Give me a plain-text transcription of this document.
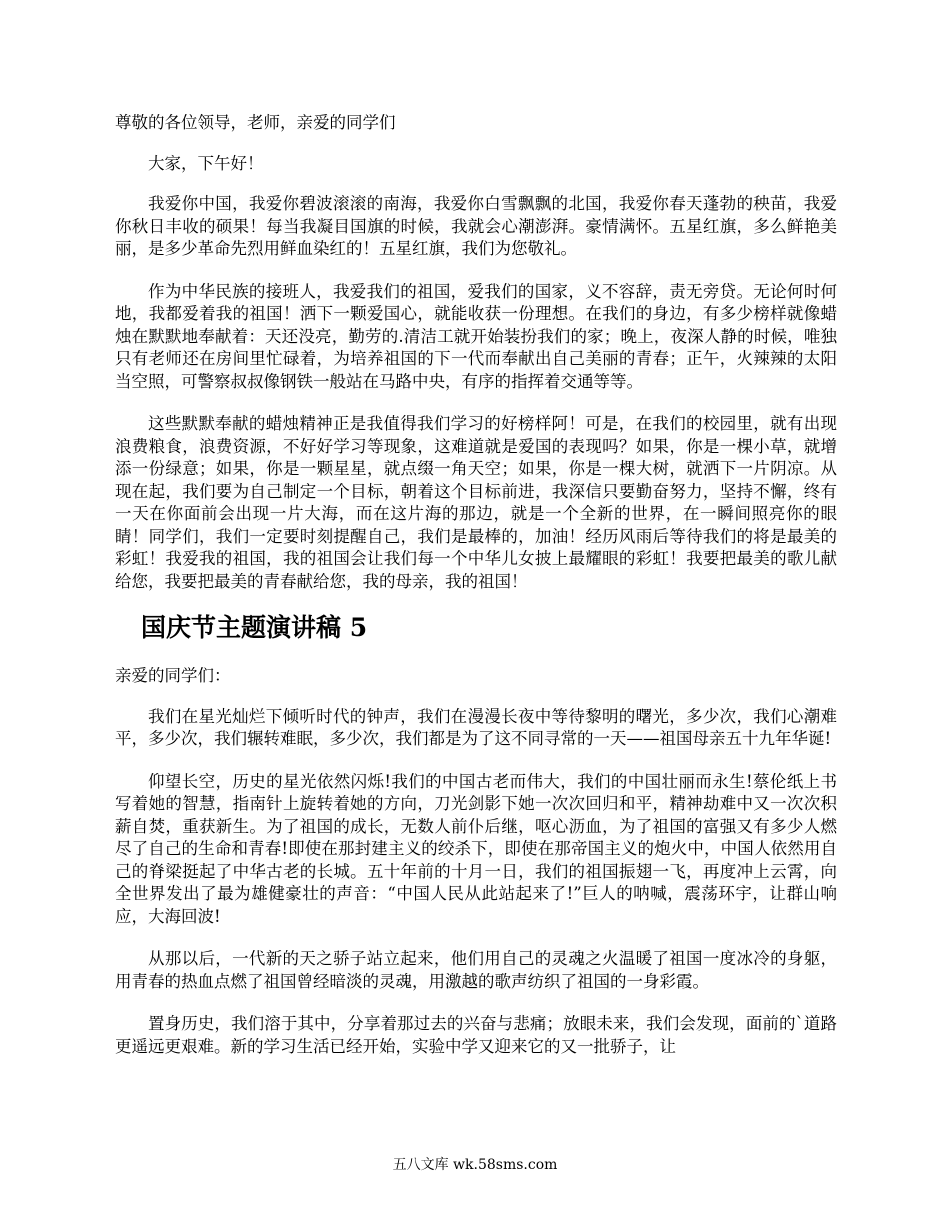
尊敬的各位领导，老师，亲爱的同学们

大家，下午好！

我爱你中国，我爱你碧波滚滚的南海，我爱你白雪飘飘的北国，我爱你春天蓬勃的秧苗，我爱你秋日丰收的硕果！每当我凝目国旗的时候，我就会心潮澎湃。豪情满怀。五星红旗，多么鲜艳美丽，是多少革命先烈用鲜血染红的！五星红旗，我们为您敬礼。

作为中华民族的接班人，我爱我们的祖国，爱我们的国家，义不容辞，责无旁贷。无论何时何地，我都爱着我的祖国！洒下一颗爱国心，就能收获一份理想。在我们的身边，有多少榜样就像蜡烛在默默地奉献着：天还没亮，勤劳的.清洁工就开始装扮我们的家；晚上，夜深人静的时候，唯独只有老师还在房间里忙碌着，为培养祖国的下一代而奉献出自己美丽的青春；正午，火辣辣的太阳当空照，可警察叔叔像钢铁一般站在马路中央，有序的指挥着交通等等。

这些默默奉献的蜡烛精神正是我值得我们学习的好榜样阿！可是，在我们的校园里，就有出现浪费粮食，浪费资源，不好好学习等现象，这难道就是爱国的表现吗？如果，你是一棵小草，就增添一份绿意；如果，你是一颗星星，就点缀一角天空；如果，你是一棵大树，就洒下一片阴凉。从现在起，我们要为自己制定一个目标，朝着这个目标前进，我深信只要勤奋努力，坚持不懈，终有一天在你面前会出现一片大海，而在这片海的那边，就是一个全新的世界，在一瞬间照亮你的眼睛！同学们，我们一定要时刻提醒自己，我们是最棒的，加油！经历风雨后等待我们的将是最美的彩虹！我爱我的祖国，我的祖国会让我们每一个中华儿女披上最耀眼的彩虹！我要把最美的歌儿献给您，我要把最美的青春献给您，我的母亲，我的祖国！

国庆节主题演讲稿 5

亲爱的同学们：

我们在星光灿烂下倾听时代的钟声，我们在漫漫长夜中等待黎明的曙光，多少次，我们心潮难平，多少次，我们辗转难眠，多少次，我们都是为了这不同寻常的一天——祖国母亲五十九年华诞!

仰望长空，历史的星光依然闪烁!我们的中国古老而伟大，我们的中国壮丽而永生!蔡伦纸上书写着她的智慧，指南针上旋转着她的方向，刀光剑影下她一次次回归和平，精神劫难中又一次次积薪自焚，重获新生。为了祖国的成长，无数人前仆后继，呕心沥血，为了祖国的富强又有多少人燃尽了自己的生命和青春!即使在那封建主义的绞杀下，即使在那帝国主义的炮火中，中国人依然用自己的脊梁挺起了中华古老的长城。五十年前的十月一日，我们的祖国振翅一飞，再度冲上云霄，向全世界发出了最为雄健豪壮的声音：“中国人民从此站起来了!”巨人的呐喊，震荡环宇，让群山响应，大海回波!

从那以后，一代新的天之骄子站立起来，他们用自己的灵魂之火温暖了祖国一度冰冷的身躯，用青春的热血点燃了祖国曾经暗淡的灵魂，用激越的歌声纺织了祖国的一身彩霞。

置身历史，我们溶于其中，分享着那过去的兴奋与悲痛；放眼未来，我们会发现，面前的`道路更遥远更艰难。新的学习生活已经开始，实验中学又迎来它的又一批骄子，让

五八文库 wk.58sms.com
